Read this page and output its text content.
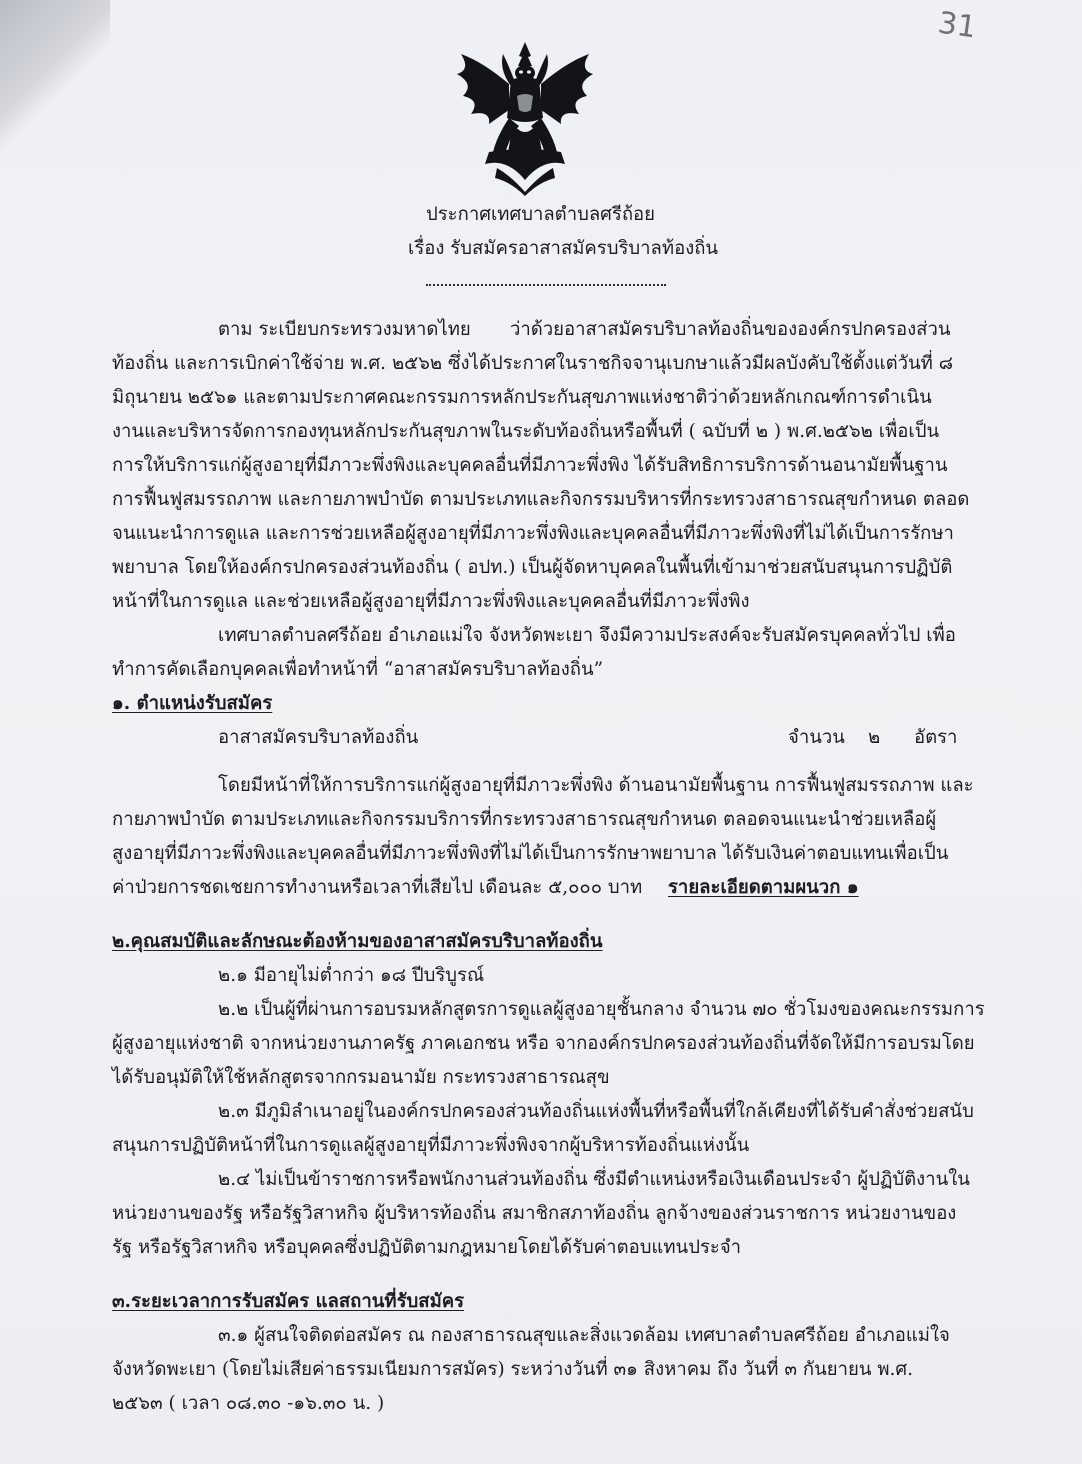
31
ประกาศเทศบาลตำบลศรีถ้อย
เรื่อง รับสมัครอาสาสมัครบริบาลท้องถิ่น
ตาม ระเบียบกระทรวงมหาดไทย ว่าด้วยอาสาสมัครบริบาลท้องถิ่นขององค์กรปกครองส่วน
ท้องถิ่น และการเบิกค่าใช้จ่าย พ.ศ. ๒๕๖๒ ซึ่งได้ประกาศในราชกิจจานุเบกษาแล้วมีผลบังคับใช้ตั้งแต่วันที่ ๘
มิถุนายน ๒๕๖๑ และตามประกาศคณะกรรมการหลักประกันสุขภาพแห่งชาติว่าด้วยหลักเกณฑ์การดำเนิน
งานและบริหารจัดการกองทุนหลักประกันสุขภาพในระดับท้องถิ่นหรือพื้นที่ ( ฉบับที่ ๒ ) พ.ศ.๒๕๖๒ เพื่อเป็น
การให้บริการแก่ผู้สูงอายุที่มีภาวะพึ่งพิงและบุคคลอื่นที่มีภาวะพึ่งพิง ได้รับสิทธิการบริการด้านอนามัยพื้นฐาน
การฟื้นฟูสมรรถภาพ และกายภาพบำบัด ตามประเภทและกิจกรรมบริหารที่กระทรวงสาธารณสุขกำหนด ตลอด
จนแนะนำการดูแล และการช่วยเหลือผู้สูงอายุที่มีภาวะพึ่งพิงและบุคคลอื่นที่มีภาวะพึ่งพิงที่ไม่ได้เป็นการรักษา
พยาบาล โดยให้องค์กรปกครองส่วนท้องถิ่น ( อปท.) เป็นผู้จัดหาบุคคลในพื้นที่เข้ามาช่วยสนับสนุนการปฏิบัติ
หน้าที่ในการดูแล และช่วยเหลือผู้สูงอายุที่มีภาวะพึ่งพิงและบุคคลอื่นที่มีภาวะพึ่งพิง
เทศบาลตำบลศรีถ้อย อำเภอแม่ใจ จังหวัดพะเยา จึงมีความประสงค์จะรับสมัครบุคคลทั่วไป เพื่อ
ทำการคัดเลือกบุคคลเพื่อทำหน้าที่ “อาสาสมัครบริบาลท้องถิ่น”
๑. ตำแหน่งรับสมัคร
อาสาสมัครบริบาลท้องถิ่น	จำนวน ๒ อัตรา
โดยมีหน้าที่ให้การบริการแก่ผู้สูงอายุที่มีภาวะพึ่งพิง ด้านอนามัยพื้นฐาน การฟื้นฟูสมรรถภาพ และ
กายภาพบำบัด ตามประเภทและกิจกรรมบริการที่กระทรวงสาธารณสุขกำหนด ตลอดจนแนะนำช่วยเหลือผู้
สูงอายุที่มีภาวะพึ่งพิงและบุคคลอื่นที่มีภาวะพึ่งพิงที่ไม่ได้เป็นการรักษาพยาบาล ได้รับเงินค่าตอบแทนเพื่อเป็น
ค่าป่วยการชดเชยการทำงานหรือเวลาที่เสียไป เดือนละ ๕,๐๐๐ บาท รายละเอียดตามผนวก ๑
๒.คุณสมบัติและลักษณะต้องห้ามของอาสาสมัครบริบาลท้องถิ่น
๒.๑ มีอายุไม่ต่ำกว่า ๑๘ ปีบริบูรณ์
๒.๒ เป็นผู้ที่ผ่านการอบรมหลักสูตรการดูแลผู้สูงอายุชั้นกลาง จำนวน ๗๐ ชั่วโมงของคณะกรรมการ
ผู้สูงอายุแห่งชาติ จากหน่วยงานภาครัฐ ภาคเอกชน หรือ จากองค์กรปกครองส่วนท้องถิ่นที่จัดให้มีการอบรมโดย
ได้รับอนุมัติให้ใช้หลักสูตรจากกรมอนามัย กระทรวงสาธารณสุข
๒.๓ มีภูมิลำเนาอยู่ในองค์กรปกครองส่วนท้องถิ่นแห่งพื้นที่หรือพื้นที่ใกล้เคียงที่ได้รับคำสั่งช่วยสนับ
สนุนการปฏิบัติหน้าที่ในการดูแลผู้สูงอายุที่มีภาวะพึ่งพิงจากผู้บริหารท้องถิ่นแห่งนั้น
๒.๔ ไม่เป็นข้าราชการหรือพนักงานส่วนท้องถิ่น ซึ่งมีตำแหน่งหรือเงินเดือนประจำ ผู้ปฏิบัติงานใน
หน่วยงานของรัฐ หรือรัฐวิสาหกิจ ผู้บริหารท้องถิ่น สมาชิกสภาท้องถิ่น ลูกจ้างของส่วนราชการ หน่วยงานของ
รัฐ หรือรัฐวิสาหกิจ หรือบุคคลซึ่งปฏิบัติตามกฎหมายโดยได้รับค่าตอบแทนประจำ
๓.ระยะเวลาการรับสมัคร แลสถานที่รับสมัคร
๓.๑ ผู้สนใจติดต่อสมัคร ณ กองสาธารณสุขและสิ่งแวดล้อม เทศบาลตำบลศรีถ้อย อำเภอแม่ใจ
จังหวัดพะเยา (โดยไม่เสียค่าธรรมเนียมการสมัคร) ระหว่างวันที่ ๓๑ สิงหาคม ถึง วันที่ ๓ กันยายน พ.ศ.
๒๕๖๓ ( เวลา ๐๘.๓๐ -๑๖.๓๐ น. )
